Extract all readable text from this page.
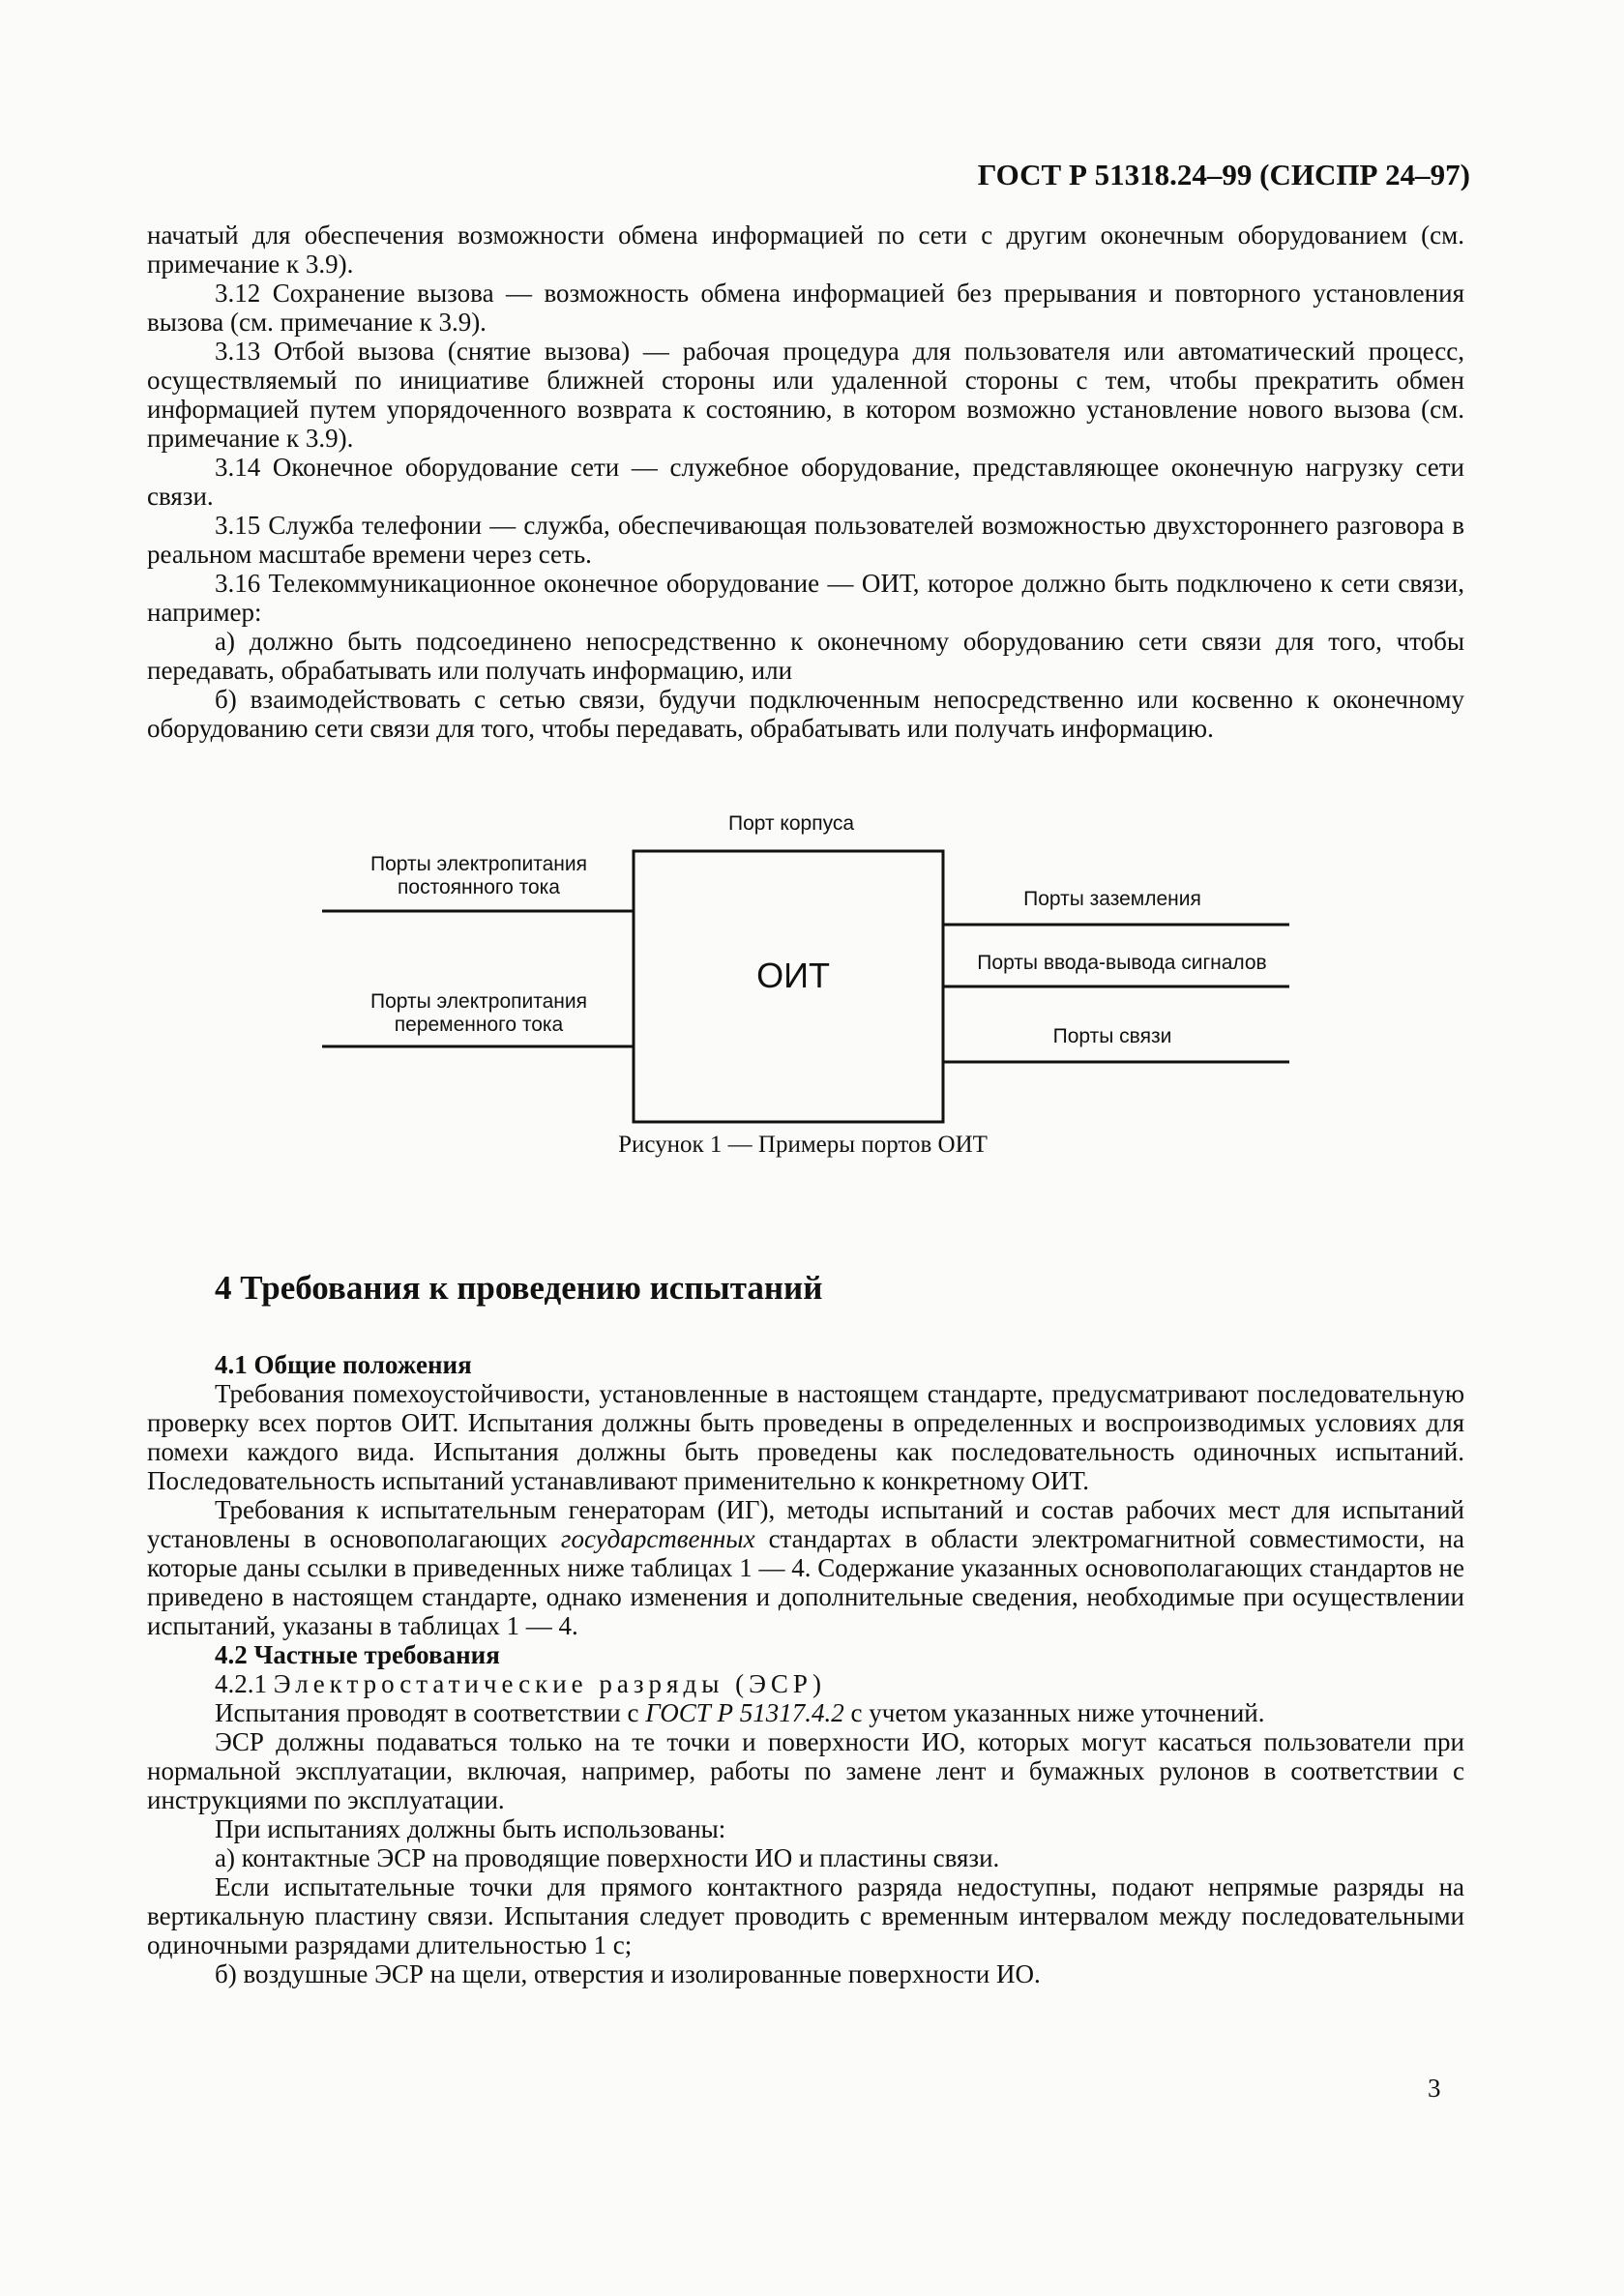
ГОСТ Р 51318.24–99 (СИСПР 24–97)

начатый для обеспечения возможности обмена информацией по сети с другим оконечным оборудованием (см. примечание к 3.9).

3.12 Сохранение вызова — возможность обмена информацией без прерывания и повторного установления вызова (см. примечание к 3.9).

3.13 Отбой вызова (снятие вызова) — рабочая процедура для пользователя или автоматический процесс, осуществляемый по инициативе ближней стороны или удаленной стороны с тем, чтобы прекратить обмен информацией путем упорядоченного возврата к состоянию, в котором возможно установление нового вызова (см. примечание к 3.9).

3.14 Оконечное оборудование сети — служебное оборудование, представляющее оконечную нагрузку сети связи.

3.15 Служба телефонии — служба, обеспечивающая пользователей возможностью двухстороннего разговора в реальном масштабе времени через сеть.

3.16 Телекоммуникационное оконечное оборудование — ОИТ, которое должно быть подключено к сети связи, например:

а) должно быть подсоединено непосредственно к оконечному оборудованию сети связи для того, чтобы передавать, обрабатывать или получать информацию, или

б) взаимодействовать с сетью связи, будучи подключенным непосредственно или косвенно к оконечному оборудованию сети связи для того, чтобы передавать, обрабатывать или получать информацию.

Порт корпуса
Порты электропитания
постоянного тока
Порты электропитания
переменного тока
ОИТ
Порты заземления
Порты ввода-вывода сигналов
Порты связи
Рисунок 1 — Примеры портов ОИТ
4 Требования к проведению испытаний

4.1 Общие положения

Требования помехоустойчивости, установленные в настоящем стандарте, предусматривают последовательную проверку всех портов ОИТ. Испытания должны быть проведены в определенных и воспроизводимых условиях для помехи каждого вида. Испытания должны быть проведены как последовательность одиночных испытаний. Последовательность испытаний устанавливают применительно к конкретному ОИТ.

Требования к испытательным генераторам (ИГ), методы испытаний и состав рабочих мест для испытаний установлены в основополагающих государственных стандартах в области электромагнитной совместимости, на которые даны ссылки в приведенных ниже таблицах 1 — 4. Содержание указанных основополагающих стандартов не приведено в настоящем стандарте, однако изменения и дополнительные сведения, необходимые при осуществлении испытаний, указаны в таблицах 1 — 4.

4.2 Частные требования

4.2.1 Электростатические разряды (ЭСР)

Испытания проводят в соответствии с ГОСТ Р 51317.4.2 с учетом указанных ниже уточнений.

ЭСР должны подаваться только на те точки и поверхности ИО, которых могут касаться пользователи при нормальной эксплуатации, включая, например, работы по замене лент и бумажных рулонов в соответствии с инструкциями по эксплуатации.

При испытаниях должны быть использованы:

а) контактные ЭСР на проводящие поверхности ИО и пластины связи.

Если испытательные точки для прямого контактного разряда недоступны, подают непрямые разряды на вертикальную пластину связи. Испытания следует проводить с временным интервалом между последовательными одиночными разрядами длительностью 1 с;

б) воздушные ЭСР на щели, отверстия и изолированные поверхности ИО.

3
